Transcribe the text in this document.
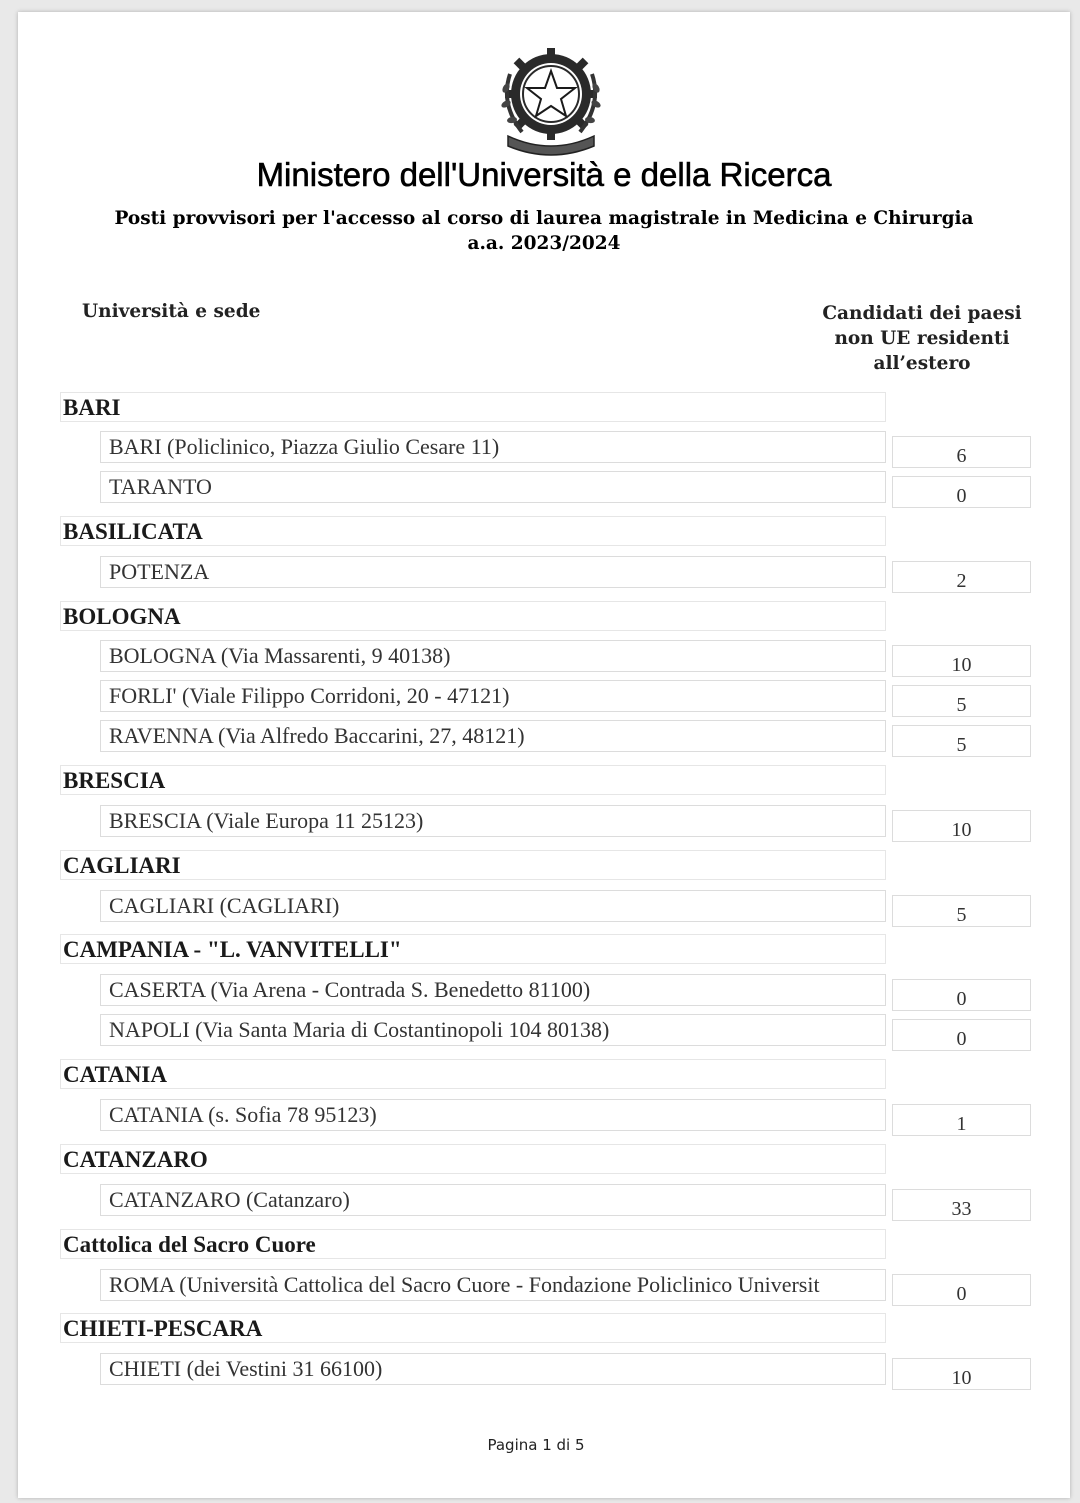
Ministero dell'Università e della Ricerca
Posti provvisori per l'accesso al corso di laurea magistrale in Medicina e Chirurgia
a.a. 2023/2024
Università e sede	Candidati dei paesi
non UE residenti
all’estero
BARI
BARI (Policlinico, Piazza Giulio Cesare 11)	6
TARANTO	0
BASILICATA
POTENZA	2
BOLOGNA
BOLOGNA (Via Massarenti, 9 40138)	10
FORLI' (Viale Filippo Corridoni, 20 - 47121)	5
RAVENNA (Via Alfredo Baccarini, 27, 48121)	5
BRESCIA
BRESCIA (Viale Europa 11 25123)	10
CAGLIARI
CAGLIARI (CAGLIARI)	5
CAMPANIA - "L. VANVITELLI"
CASERTA (Via Arena - Contrada S. Benedetto 81100)	0
NAPOLI (Via Santa Maria di Costantinopoli 104 80138)	0
CATANIA
CATANIA (s. Sofia 78 95123)	1
CATANZARO
CATANZARO (Catanzaro)	33
Cattolica del Sacro Cuore
ROMA (Università Cattolica del Sacro Cuore - Fondazione Policlinico Universit	0
CHIETI-PESCARA
CHIETI (dei Vestini 31 66100)	10
Pagina 1 di 5
